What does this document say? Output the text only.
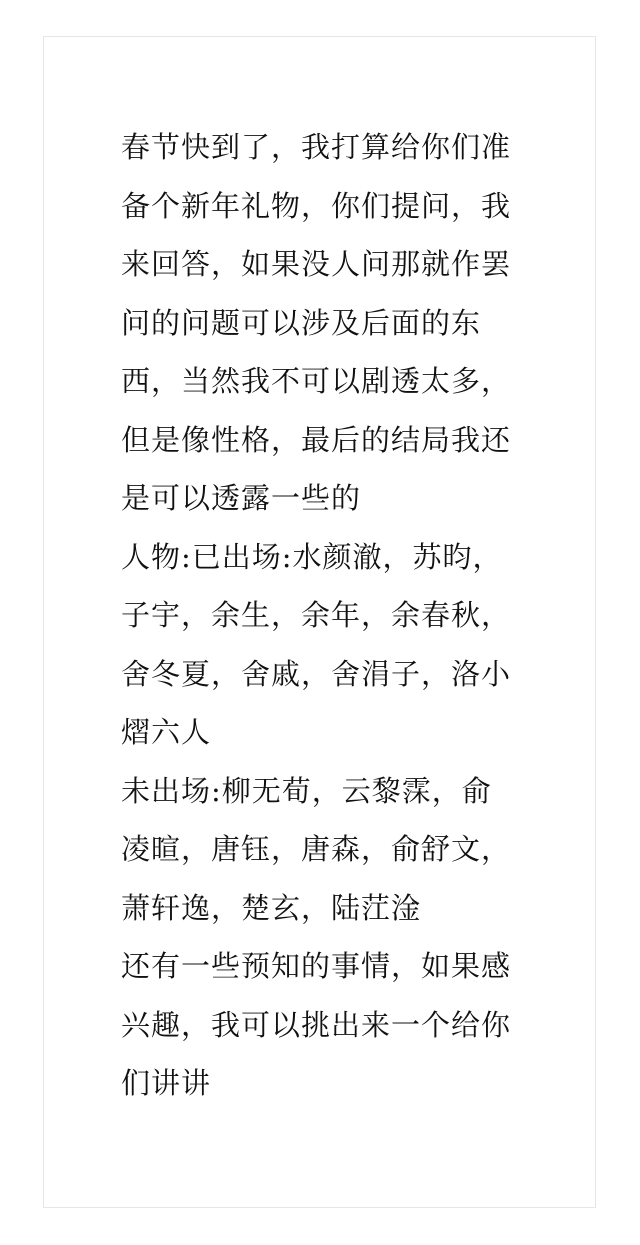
春节快到了，我打算给你们准
备个新年礼物，你们提问，我
来回答，如果没人问那就作罢
问的问题可以涉及后面的东
西，当然我不可以剧透太多，
但是像性格，最后的结局我还
是可以透露一些的
人物:已出场:水颜澈，苏昀，
子宇，余生，余年，余春秋，
舍冬夏，舍戚，舍涓子，洛小
熠六人
未出场:柳无荀，云黎霂，俞
凌暄，唐钰，唐森，俞舒文，
萧轩逸，楚玄，陆茳淦
还有一些预知的事情，如果感
兴趣，我可以挑出来一个给你
们讲讲
